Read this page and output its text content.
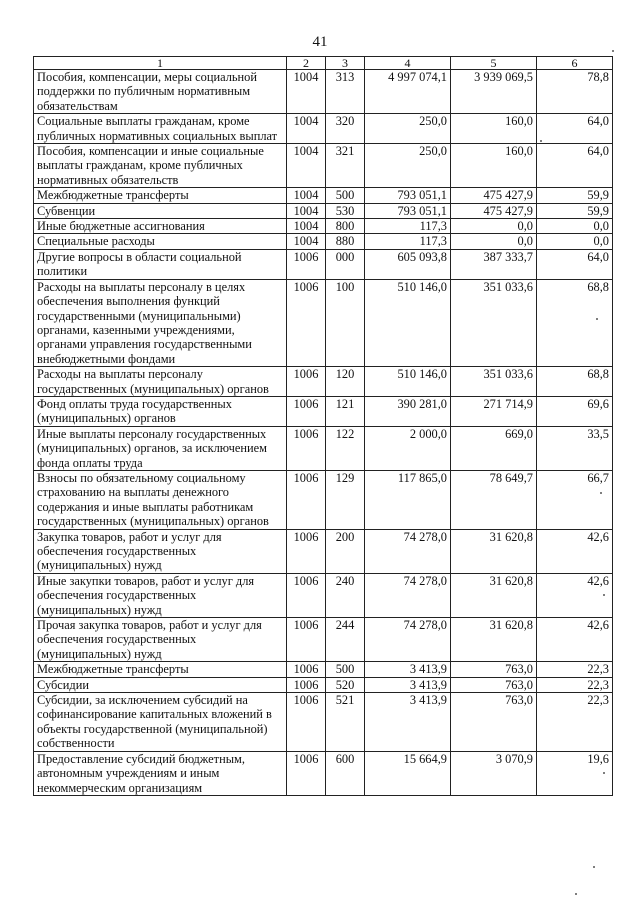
41
1	2	3	4	5	6
Пособия, компенсации, меры социальной поддержки по публичным нормативным обязательствам	1004	313	4 997 074,1	3 939 069,5	78,8
Социальные выплаты гражданам, кроме публичных нормативных социальных выплат	1004	320	250,0	160,0	64,0
Пособия, компенсации и иные социальные выплаты гражданам, кроме публичных нормативных обязательств	1004	321	250,0	160,0	64,0
Межбюджетные трансферты	1004	500	793 051,1	475 427,9	59,9
Субвенции	1004	530	793 051,1	475 427,9	59,9
Иные бюджетные ассигнования	1004	800	117,3	0,0	0,0
Специальные расходы	1004	880	117,3	0,0	0,0
Другие вопросы в области социальной политики	1006	000	605 093,8	387 333,7	64,0
Расходы на выплаты персоналу в целях обеспечения выполнения функций государственными (муниципальными) органами, казенными учреждениями, органами управления государственными внебюджетными фондами	1006	100	510 146,0	351 033,6	68,8
Расходы на выплаты персоналу государственных (муниципальных) органов	1006	120	510 146,0	351 033,6	68,8
Фонд оплаты труда государственных (муниципальных) органов	1006	121	390 281,0	271 714,9	69,6
Иные выплаты персоналу государственных (муниципальных) органов, за исключением фонда оплаты труда	1006	122	2 000,0	669,0	33,5
Взносы по обязательному социальному страхованию на выплаты денежного содержания и иные выплаты работникам государственных (муниципальных) органов	1006	129	117 865,0	78 649,7	66,7
Закупка товаров, работ и услуг для обеспечения государственных (муниципальных) нужд	1006	200	74 278,0	31 620,8	42,6
Иные закупки товаров, работ и услуг для обеспечения государственных (муниципальных) нужд	1006	240	74 278,0	31 620,8	42,6
Прочая закупка товаров, работ и услуг для обеспечения государственных (муниципальных) нужд	1006	244	74 278,0	31 620,8	42,6
Межбюджетные трансферты	1006	500	3 413,9	763,0	22,3
Субсидии	1006	520	3 413,9	763,0	22,3
Субсидии, за исключением субсидий на софинансирование капитальных вложений в объекты государственной (муниципальной) собственности	1006	521	3 413,9	763,0	22,3
Предоставление субсидий бюджетным, автономным учреждениям и иным некоммерческим организациям	1006	600	15 664,9	3 070,9	19,6
